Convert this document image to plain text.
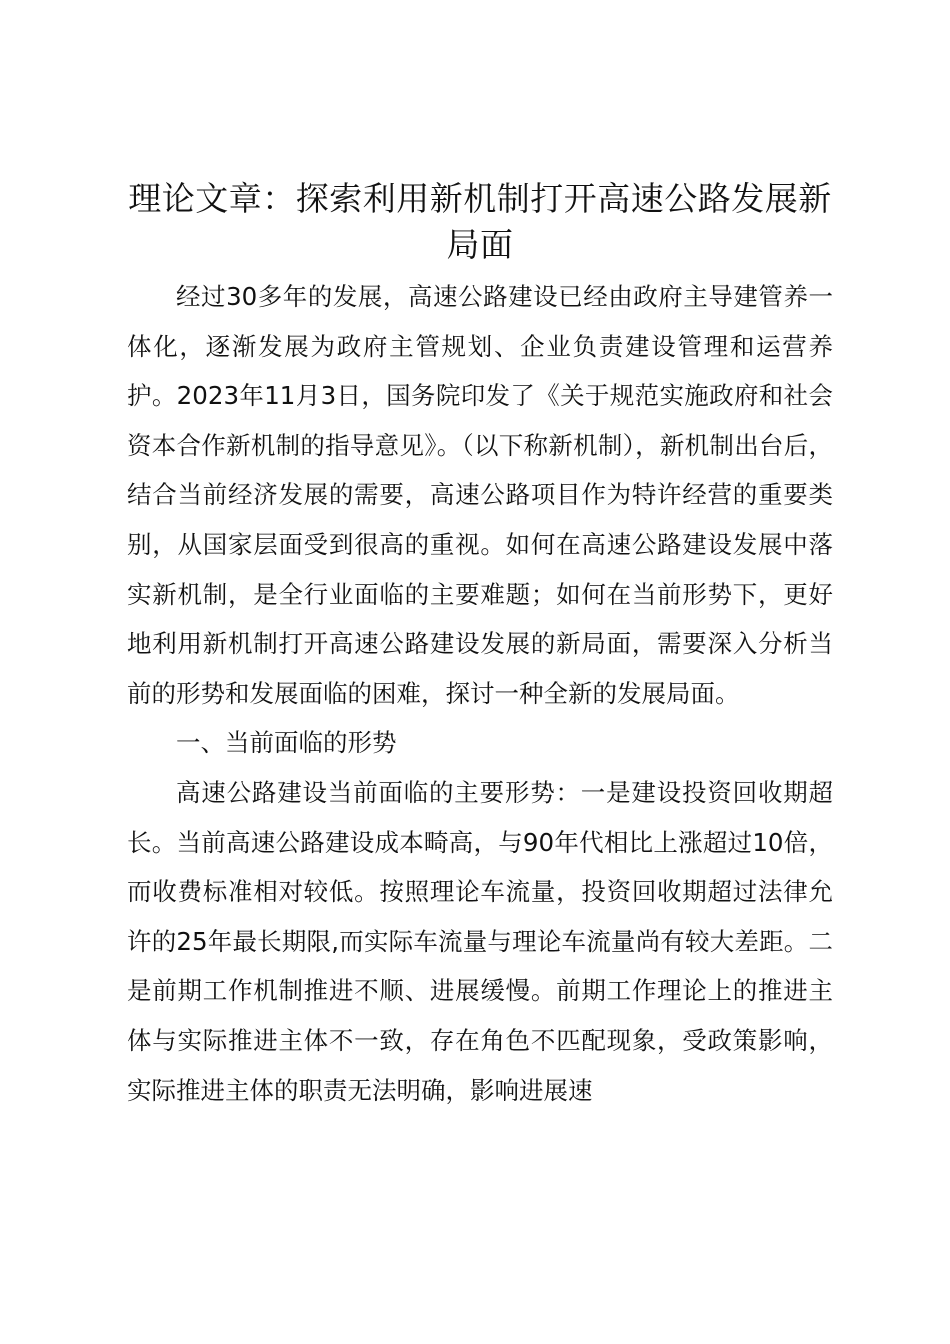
理论文章：探索利用新机制打开高速公路发展新局面

经过30多年的发展，高速公路建设已经由政府主导建管养一体化，逐渐发展为政府主管规划、企业负责建设管理和运营养护。2023年11月3日，国务院印发了《关于规范实施政府和社会资本合作新机制的指导意见》。（以下称新机制），新机制出台后，结合当前经济发展的需要，高速公路项目作为特许经营的重要类别，从国家层面受到很高的重视。如何在高速公路建设发展中落实新机制，是全行业面临的主要难题；如何在当前形势下，更好地利用新机制打开高速公路建设发展的新局面，需要深入分析当前的形势和发展面临的困难，探讨一种全新的发展局面。

一、当前面临的形势

高速公路建设当前面临的主要形势：一是建设投资回收期超长。当前高速公路建设成本畸高，与90年代相比上涨超过10倍，而收费标准相对较低。按照理论车流量，投资回收期超过法律允许的25年最长期限,而实际车流量与理论车流量尚有较大差距。二是前期工作机制推进不顺、进展缓慢。前期工作理论上的推进主体与实际推进主体不一致，存在角色不匹配现象，受政策影响，实际推进主体的职责无法明确，影响进展速
